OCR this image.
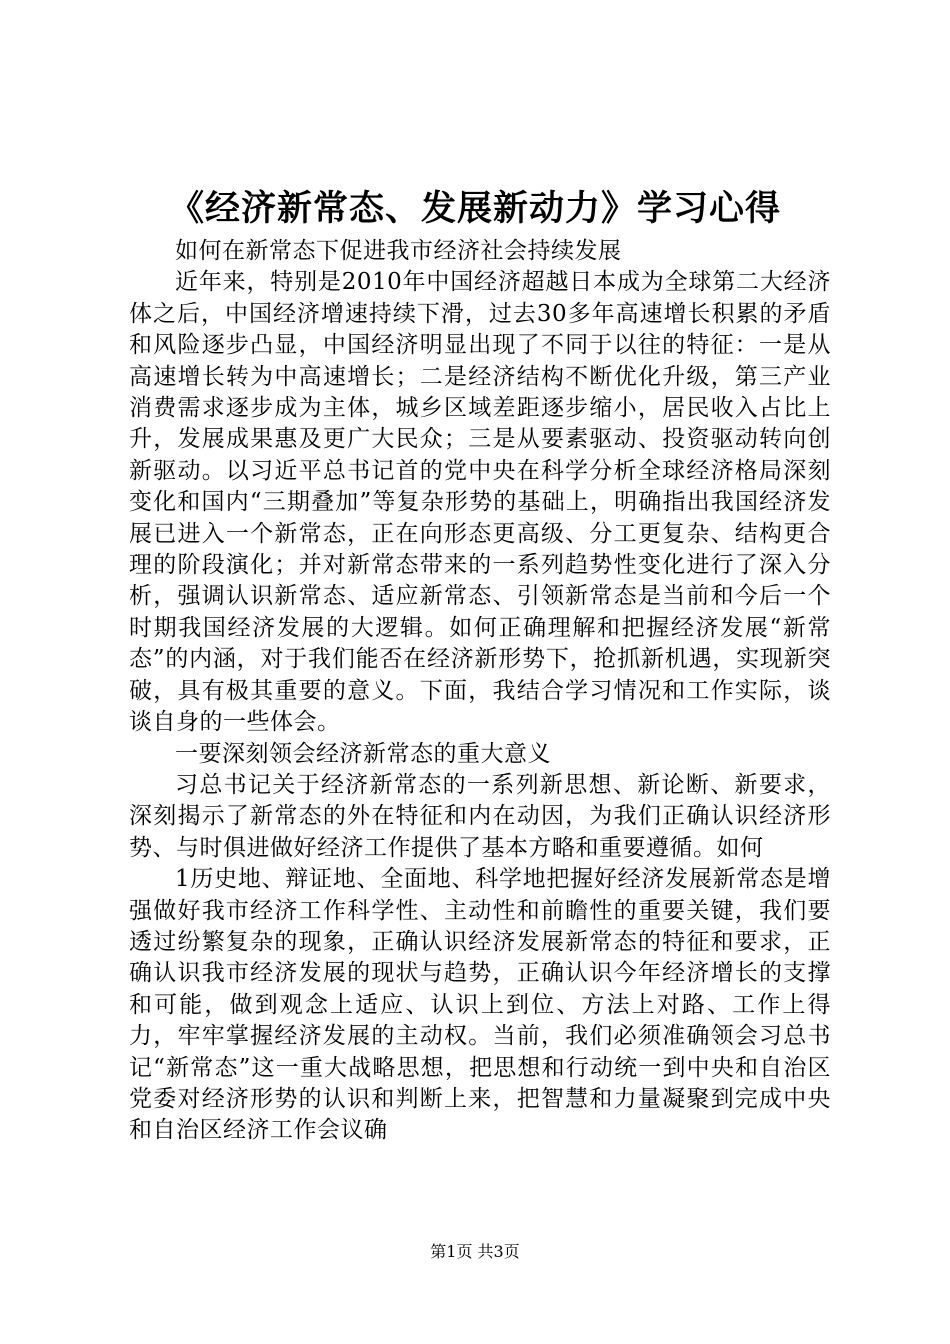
《经济新常态、发展新动力》学习心得

如何在新常态下促进我市经济社会持续发展

近年来，特别是2010年中国经济超越日本成为全球第二大经济体之后，中国经济增速持续下滑，过去30多年高速增长积累的矛盾和风险逐步凸显，中国经济明显出现了不同于以往的特征：一是从高速增长转为中高速增长；二是经济结构不断优化升级，第三产业消费需求逐步成为主体，城乡区域差距逐步缩小，居民收入占比上升，发展成果惠及更广大民众；三是从要素驱动、投资驱动转向创新驱动。以习近平总书记首的党中央在科学分析全球经济格局深刻变化和国内“三期叠加”等复杂形势的基础上，明确指出我国经济发展已进入一个新常态，正在向形态更高级、分工更复杂、结构更合理的阶段演化；并对新常态带来的一系列趋势性变化进行了深入分析，强调认识新常态、适应新常态、引领新常态是当前和今后一个时期我国经济发展的大逻辑。如何正确理解和把握经济发展“新常态”的内涵，对于我们能否在经济新形势下，抢抓新机遇，实现新突破，具有极其重要的意义。下面，我结合学习情况和工作实际，谈谈自身的一些体会。

一要深刻领会经济新常态的重大意义

习总书记关于经济新常态的一系列新思想、新论断、新要求，深刻揭示了新常态的外在特征和内在动因，为我们正确认识经济形势、与时俱进做好经济工作提供了基本方略和重要遵循。如何

1历史地、辩证地、全面地、科学地把握好经济发展新常态是增强做好我市经济工作科学性、主动性和前瞻性的重要关键，我们要透过纷繁复杂的现象，正确认识经济发展新常态的特征和要求，正确认识我市经济发展的现状与趋势，正确认识今年经济增长的支撑和可能，做到观念上适应、认识上到位、方法上对路、工作上得力，牢牢掌握经济发展的主动权。当前，我们必须准确领会习总书记“新常态”这一重大战略思想，把思想和行动统一到中央和自治区党委对经济形势的认识和判断上来，把智慧和力量凝聚到完成中央和自治区经济工作会议确

第1页 共3页
